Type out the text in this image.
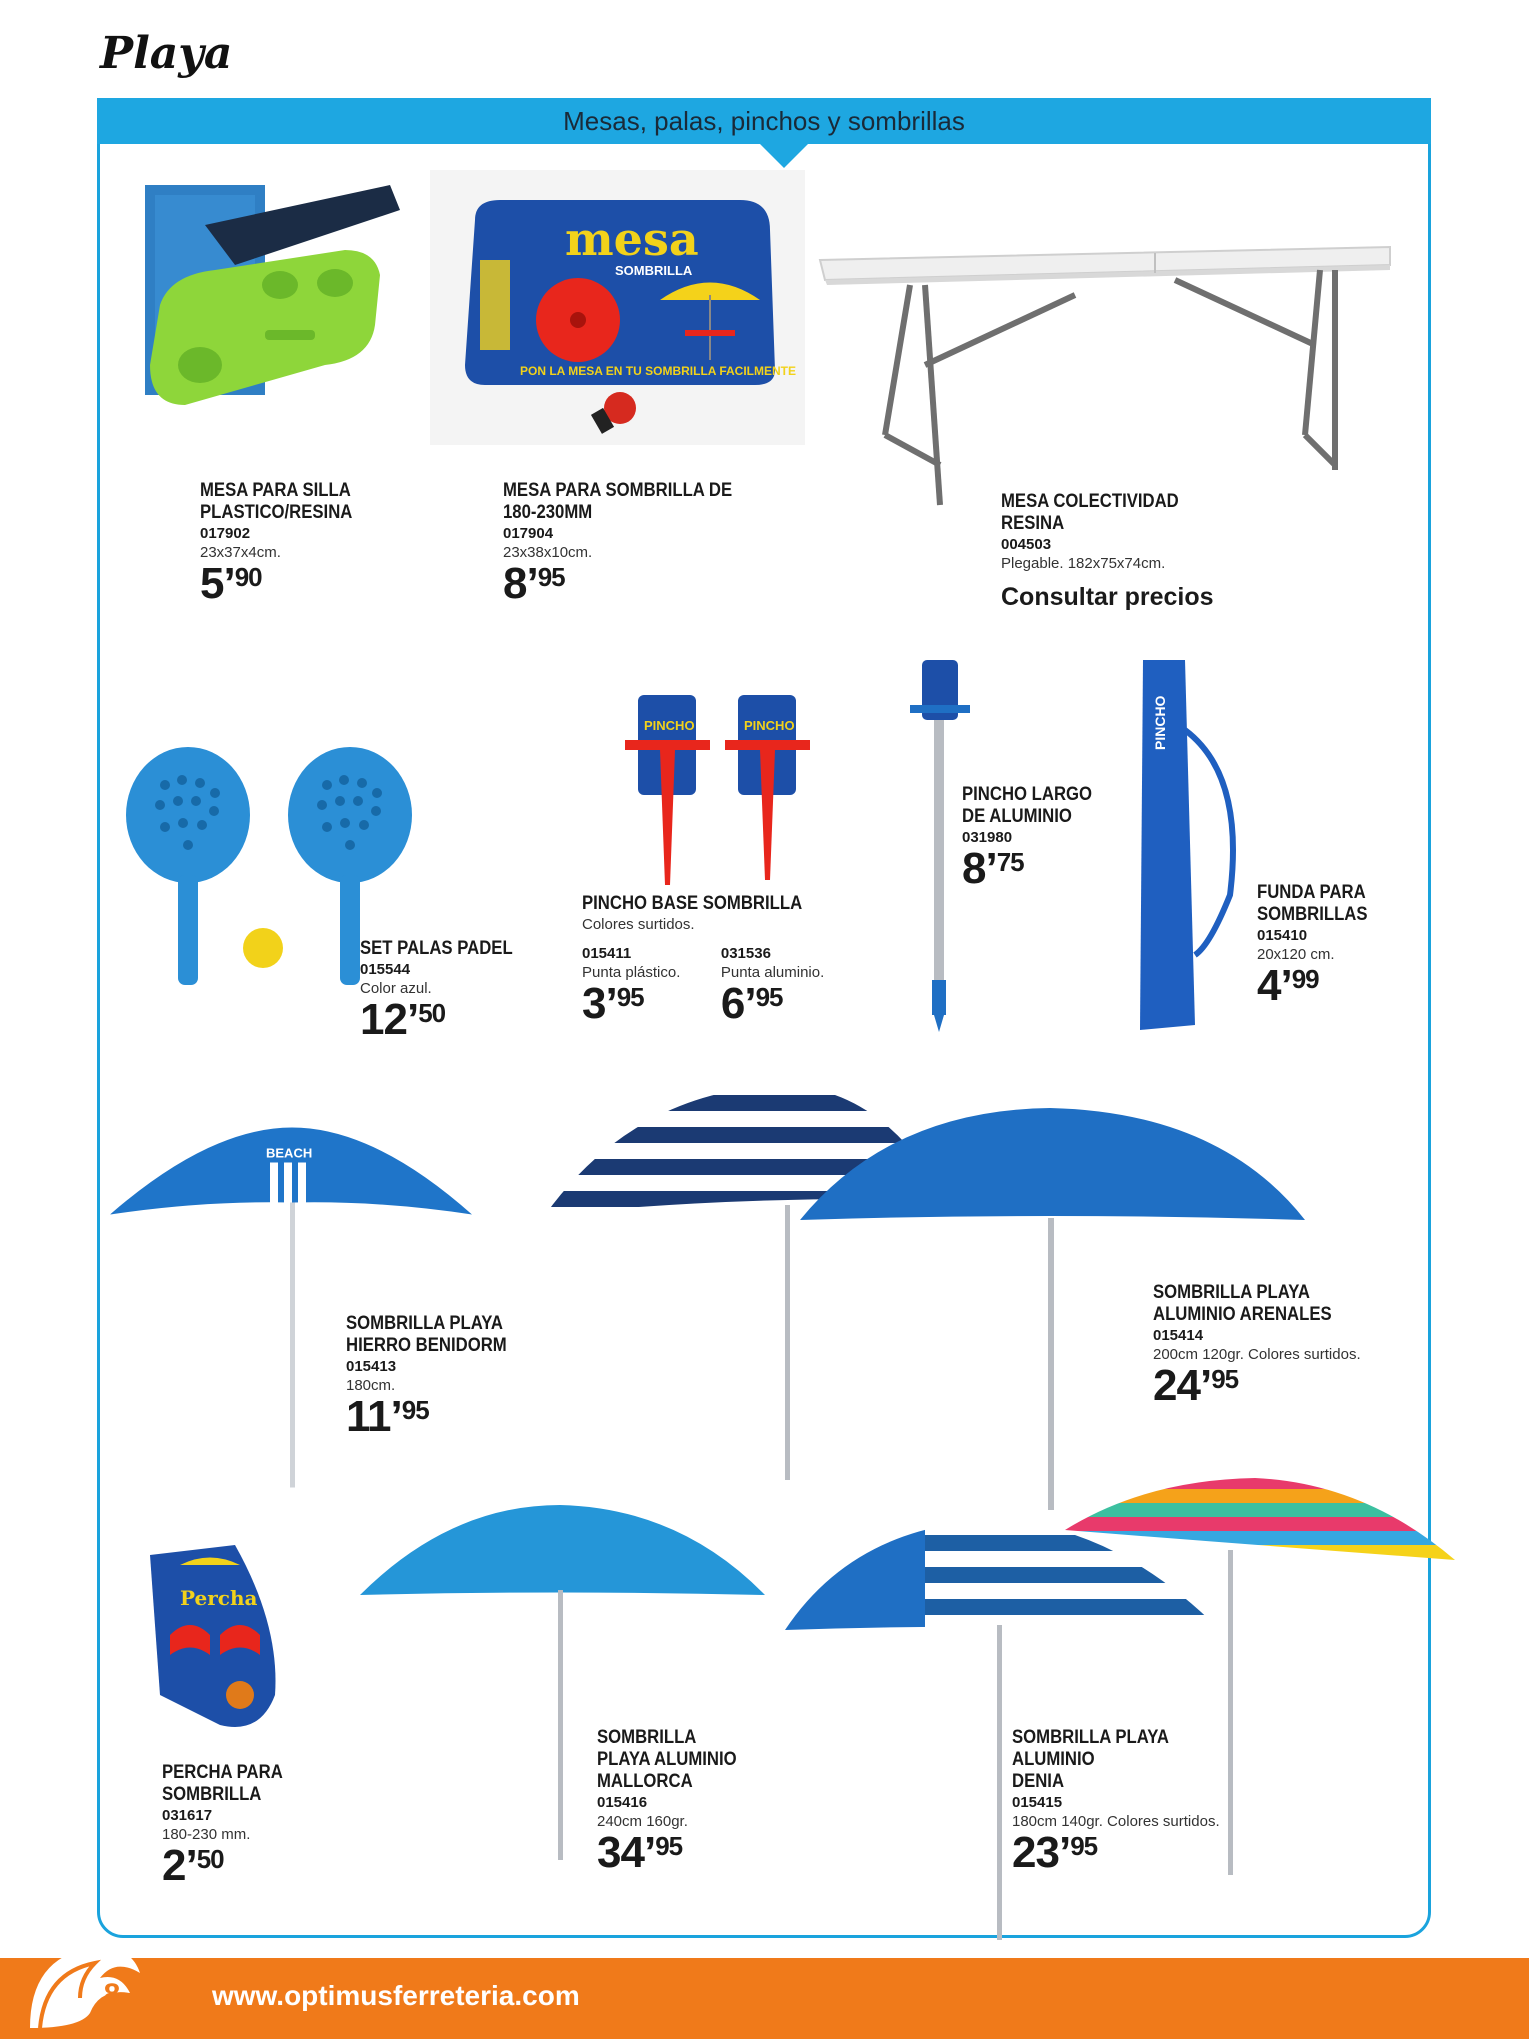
Playa
Mesas, palas, pinchos y sombrillas
mesa
SOMBRILLA
PON LA MESA EN TU SOMBRILLA FACILMENTE
PINCHO	PINCHO	PINCHO
BEACH
Percha
MESA PARA SILLA
PLASTICO/RESINA
017902
23x37x4cm.
5’$^{90}$
MESA PARA SOMBRILLA DE
180-230MM
017904
23x38x10cm.
8’$^{95}$
MESA COLECTIVIDAD
RESINA
004503
Plegable. 182x75x74cm.
Consultar precios
SET PALAS PADEL
015544
Color azul.
12’$^{50}$
PINCHO BASE SOMBRILLA
Colores surtidos.
015411
Punta plástico.
3’$^{95}$

031536
Punta aluminio.
6’$^{95}$
PINCHO LARGO
DE ALUMINIO
031980
8’$^{75}$
FUNDA PARA
SOMBRILLAS
015410
20x120 cm.
4’$^{99}$
SOMBRILLA PLAYA
HIERRO BENIDORM
015413
180cm.
11’$^{95}$
SOMBRILLA PLAYA
ALUMINIO ARENALES
015414
200cm 120gr. Colores surtidos.
24’$^{95}$
PERCHA PARA
SOMBRILLA
031617
180-230 mm.
2’$^{50}$
SOMBRILLA
PLAYA ALUMINIO
MALLORCA
015416
240cm 160gr.
34’$^{95}$
SOMBRILLA PLAYA
ALUMINIO
DENIA
015415
180cm 140gr. Colores surtidos.
23’$^{95}$
8	www.optimusferreteria.com
